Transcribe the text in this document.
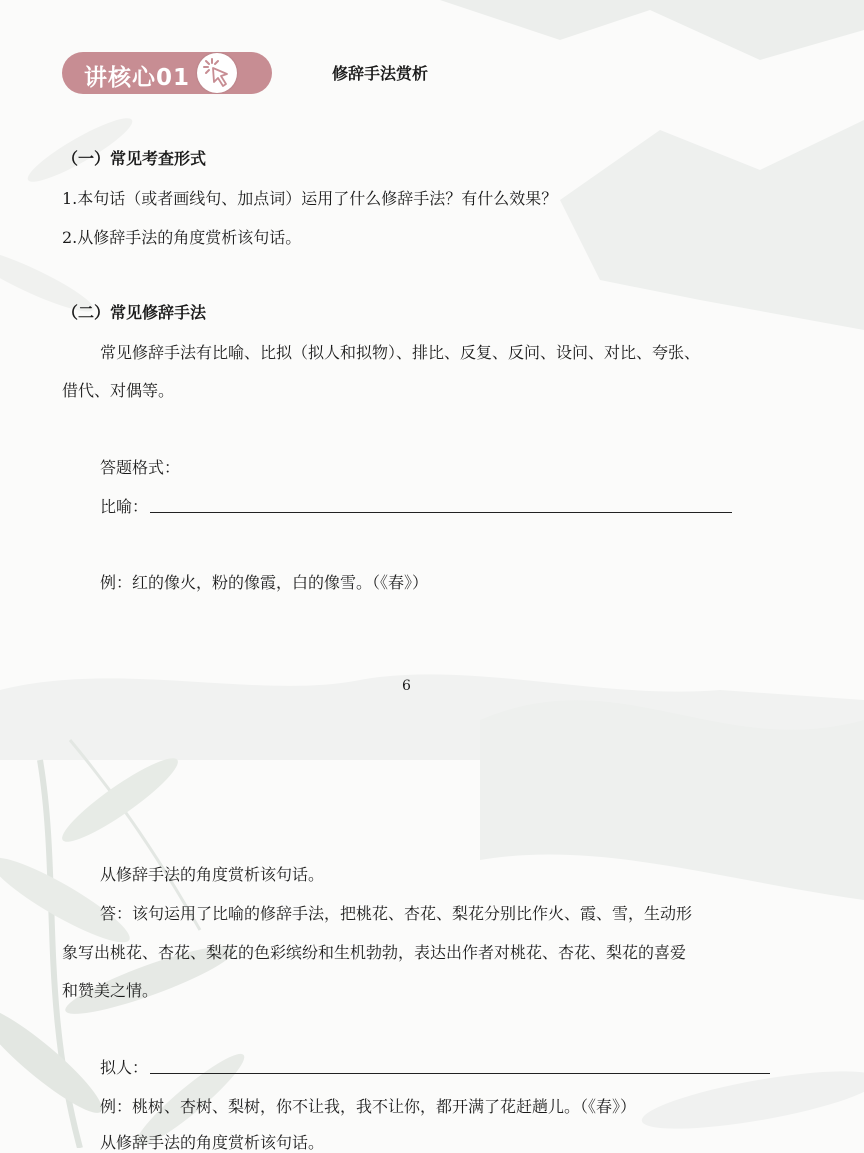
讲核心01	修辞手法赏析
（一）常见考查形式
1.本句话（或者画线句、加点词）运用了什么修辞手法？有什么效果？
2.从修辞手法的角度赏析该句话。
（二）常见修辞手法
常见修辞手法有比喻、比拟（拟人和拟物）、排比、反复、反问、设问、对比、夸张、
借代、对偶等。
答题格式：
比喻：
例：红的像火，粉的像霞，白的像雪。（《春》）
6
从修辞手法的角度赏析该句话。
答：该句运用了比喻的修辞手法，把桃花、杏花、梨花分别比作火、霞、雪，生动形
象写出桃花、杏花、梨花的色彩缤纷和生机勃勃，表达出作者对桃花、杏花、梨花的喜爱
和赞美之情。
拟人：
例：桃树、杏树、梨树，你不让我，我不让你，都开满了花赶趟儿。（《春》）
从修辞手法的角度赏析该句话。
